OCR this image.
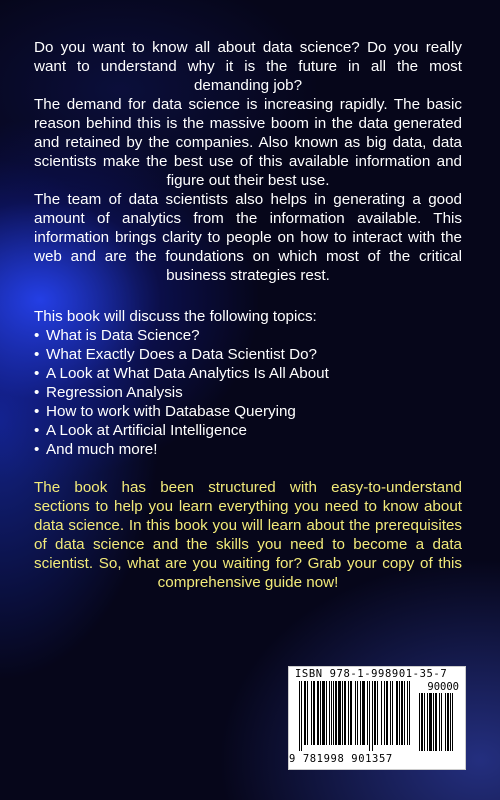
Do you want to know all about data science? Do you really want to understand why it is the future in all the most demanding job?

The demand for data science is increasing rapidly. The basic reason behind this is the massive boom in the data generated and retained by the companies. Also known as big data, data scientists make the best use of this available information and figure out their best use.

The team of data scientists also helps in generating a good amount of analytics from the information available. This information brings clarity to people on how to interact with the web and are the foundations on which most of the critical business strategies rest.

This book will discuss the following topics:

• What is Data Science?
• What Exactly Does a Data Scientist Do?
• A Look at What Data Analytics Is All About
• Regression Analysis
• How to work with Database Querying
• A Look at Artificial Intelligence
• And much more!

The book has been structured with easy-to-understand sections to help you learn everything you need to know about data science. In this book you will learn about the prerequisites of data science and the skills you need to become a data scientist. So, what are you waiting for? Grab your copy of this comprehensive guide now!

ISBN 978-1-998901-35-7
90000
9 781998 901357
